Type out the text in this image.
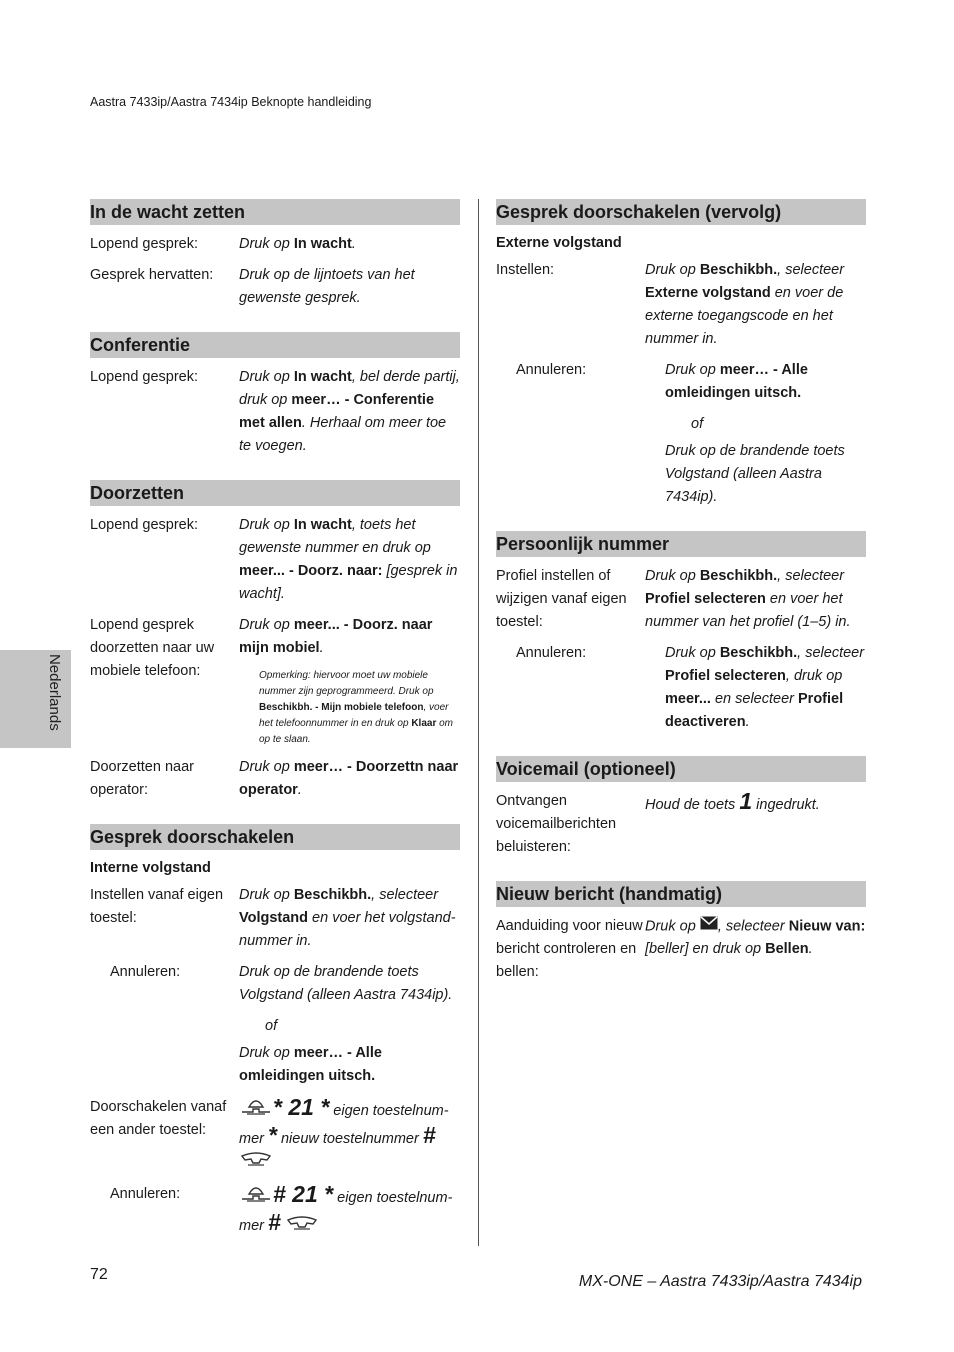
Aastra 7433ip/Aastra 7434ip Beknopte handleiding
In de wacht zetten
Lopend gesprek:	Druk op In wacht.
Gesprek hervatten:	Druk op de lijntoets van het gewenste gesprek.
Conferentie
Lopend gesprek:	Druk op In wacht, bel derde partij, druk op meer… - Conferentie met allen. Herhaal om meer toe te voegen.
Doorzetten
Lopend gesprek:	Druk op In wacht, toets het gewenste nummer en druk op meer... - Doorz. naar: [gesprek in wacht].
Lopend gesprek doorzetten naar uw mobiele telefoon:
Druk op meer... - Doorz. naar mijn mobiel.
Opmerking: hiervoor moet uw mobiele nummer zijn geprogrammeerd. Druk op Beschikbh. - Mijn mobiele telefoon, voer het telefoonnummer in en druk op Klaar om op te slaan.
Doorzetten naar operator:
Druk op meer… - Doorzettn naar operator.
Gesprek doorschakelen
Interne volgstand
Instellen vanaf eigen toestel:
Druk op Beschikbh., selecteer Volgstand en voer het volgstand-nummer in.
Annuleren:	Druk op de brandende toets Volgstand (alleen Aastra 7434ip).
of
Druk op meer… - Alle omleidingen uitsch.
Doorschakelen vanaf een ander toestel:
* 21 * eigen toestelnum-mer * nieuw toestelnummer #

Annuleren:	# 21 * eigen toestelnum-mer #
Gesprek doorschakelen (vervolg)
Externe volgstand
Instellen:	Druk op Beschikbh., selecteer Externe volgstand en voer de externe toegangscode en het nummer in.
Annuleren:	Druk op meer… - Alle omleidingen uitsch.
of
Druk op de brandende toets Volgstand (alleen Aastra 7434ip).
Persoonlijk nummer
Profiel instellen of wijzigen vanaf eigen toestel:
Druk op Beschikbh., selecteer Profiel selecteren en voer het nummer van het profiel (1–5) in.
Annuleren:	Druk op Beschikbh., selecteer Profiel selecteren, druk op meer... en selecteer Profiel deactiveren.
Voicemail (optioneel)
Ontvangen voicemailberichten beluisteren:
Houd de toets 1 ingedrukt.
Nieuw bericht (handmatig)
Aanduiding voor nieuw bericht controleren en bellen:
Druk op , selecteer Nieuw van: [beller] en druk op Bellen.
Nederlands
72	MX-ONE – Aastra 7433ip/Aastra 7434ip
